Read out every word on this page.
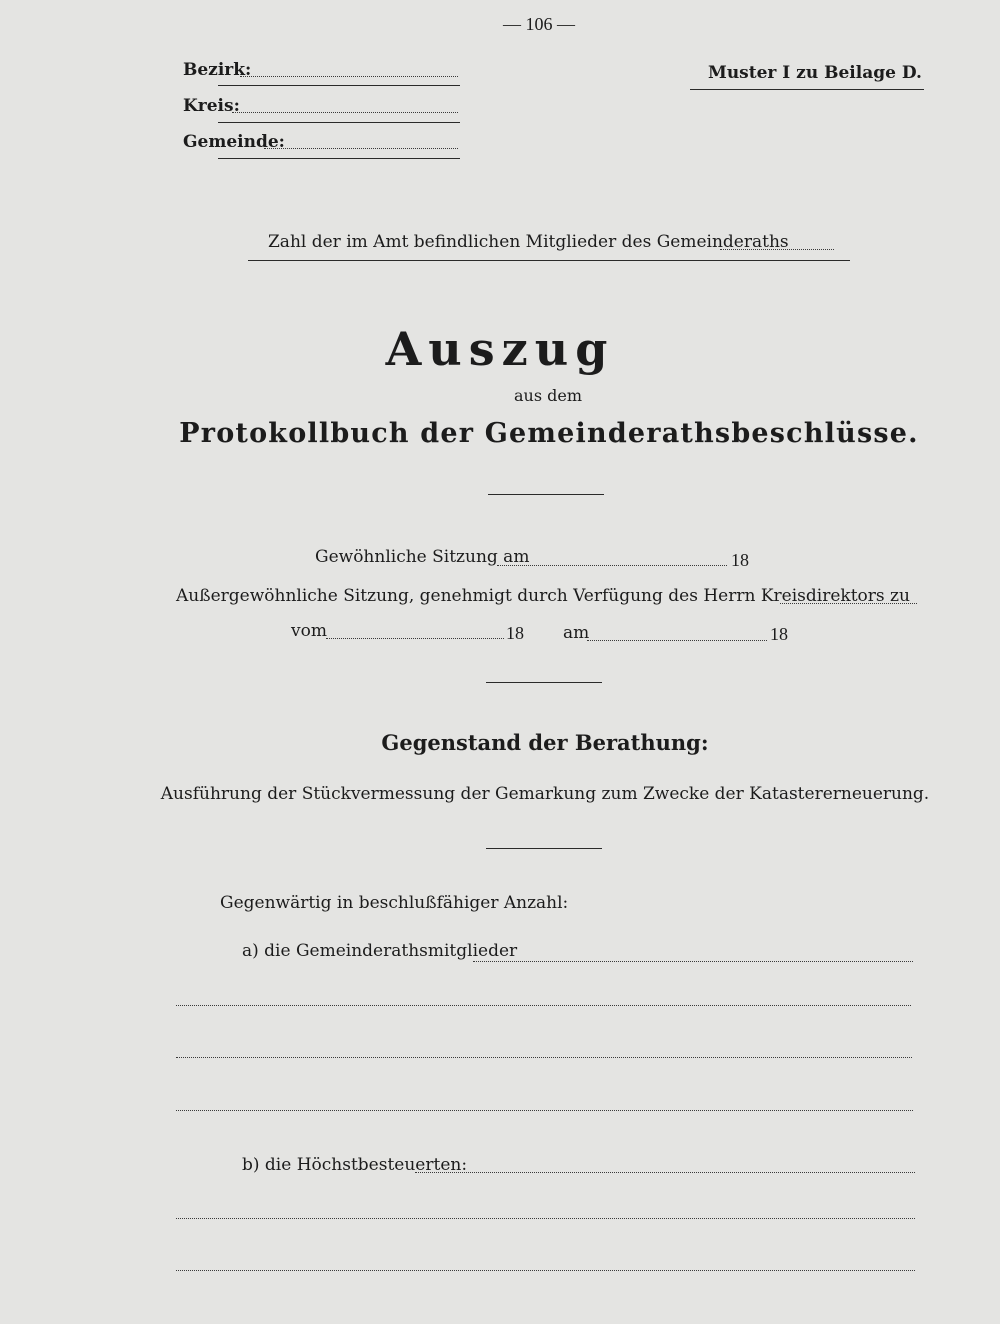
— 106 —
Bezirk:
Kreis:
Gemeinde:
Muster I zu Beilage D.
Zahl der im Amt befindlichen Mitglieder des Gemeinderaths
Auszug
aus dem
Protokollbuch der Gemeinderathsbeschlüsse.
Gewöhnliche Sitzung am	18
Außergewöhnliche Sitzung, genehmigt durch Verfügung des Herrn Kreisdirektors zu
vom	18 am	18
Gegenstand der Berathung:
Ausführung der Stückvermessung der Gemarkung zum Zwecke der Katastererneuerung.
Gegenwärtig in beschlußfähiger Anzahl:
a) die Gemeinderathsmitglieder
b) die Höchstbesteuerten:
